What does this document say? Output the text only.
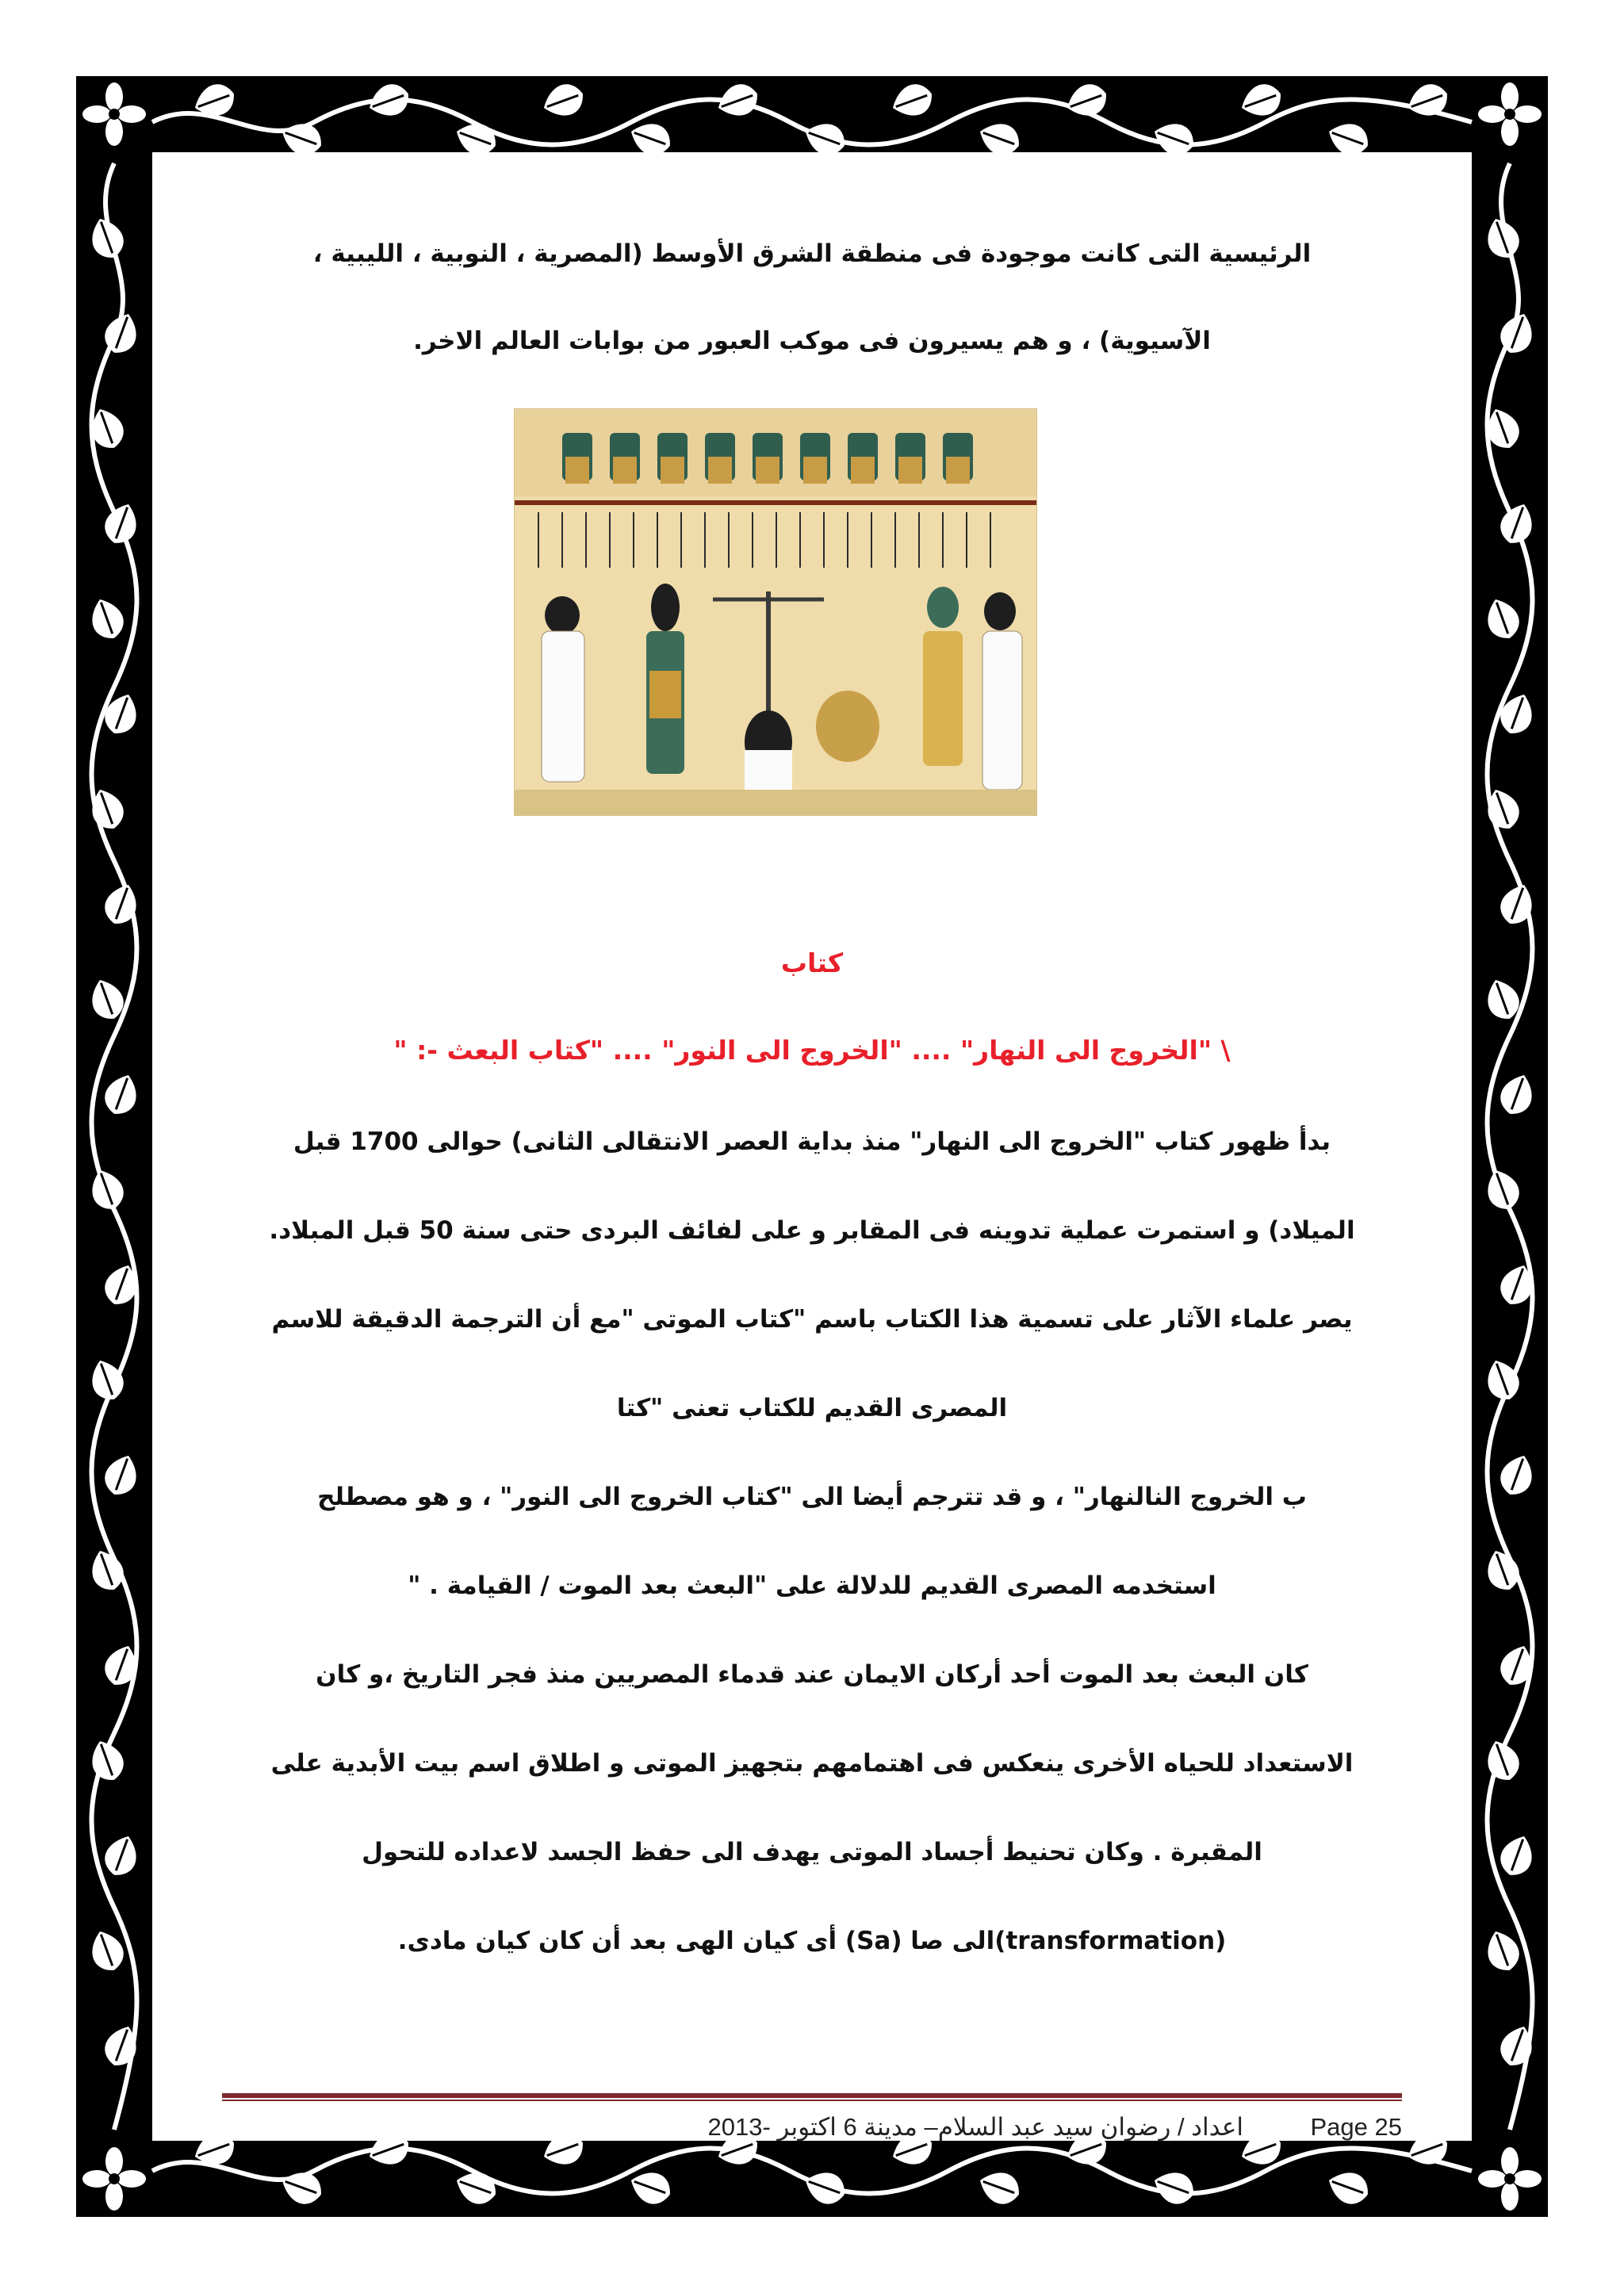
الرئيسية التى كانت موجودة فى منطقة الشرق الأوسط (المصرية ، النوبية ، الليبية ،

الآسيوية) ، و هم يسيرون فى موكب العبور من بوابات العالم الاخر.

كتاب

\ "الخروج الى النهار" .... "الخروج الى النور" .... "كتاب البعث -: "

بدأ ظهور كتاب "الخروج الى النهار" منذ بداية العصر الانتقالى الثانى) حوالى 1700 قبل

الميلاد) و استمرت عملية تدوينه فى المقابر و على لفائف البردى حتى سنة 50 قبل المبلاد.

يصر علماء الآثار على تسمية هذا الكتاب باسم "كتاب الموتى "مع أن الترجمة الدقيقة للاسم

المصرى القديم للكتاب تعنى "كتا

ب الخروج النالنهار" ، و قد تترجم أيضا الى "كتاب الخروج الى النور" ، و هو مصطلح

استخدمه المصرى القديم للدلالة على "البعث بعد الموت / القيامة . "

كان البعث بعد الموت أحد أركان الايمان عند قدماء المصريين منذ فجر التاريخ ،و كان

الاستعداد للحياه الأخرى ينعكس فى اهتمامهم بتجهيز الموتى و اطلاق اسم بيت الأبدية على

المقبرة . وكان تحنيط أجساد الموتى يهدف الى حفظ الجسد لاعداده للتحول

(transformation)الى صا (Sa) أى كيان الهى بعد أن كان كيان مادى.

Page 25
اعداد / رضوان سيد عبد السلام– مدينة 6 اكتوبر -2013
